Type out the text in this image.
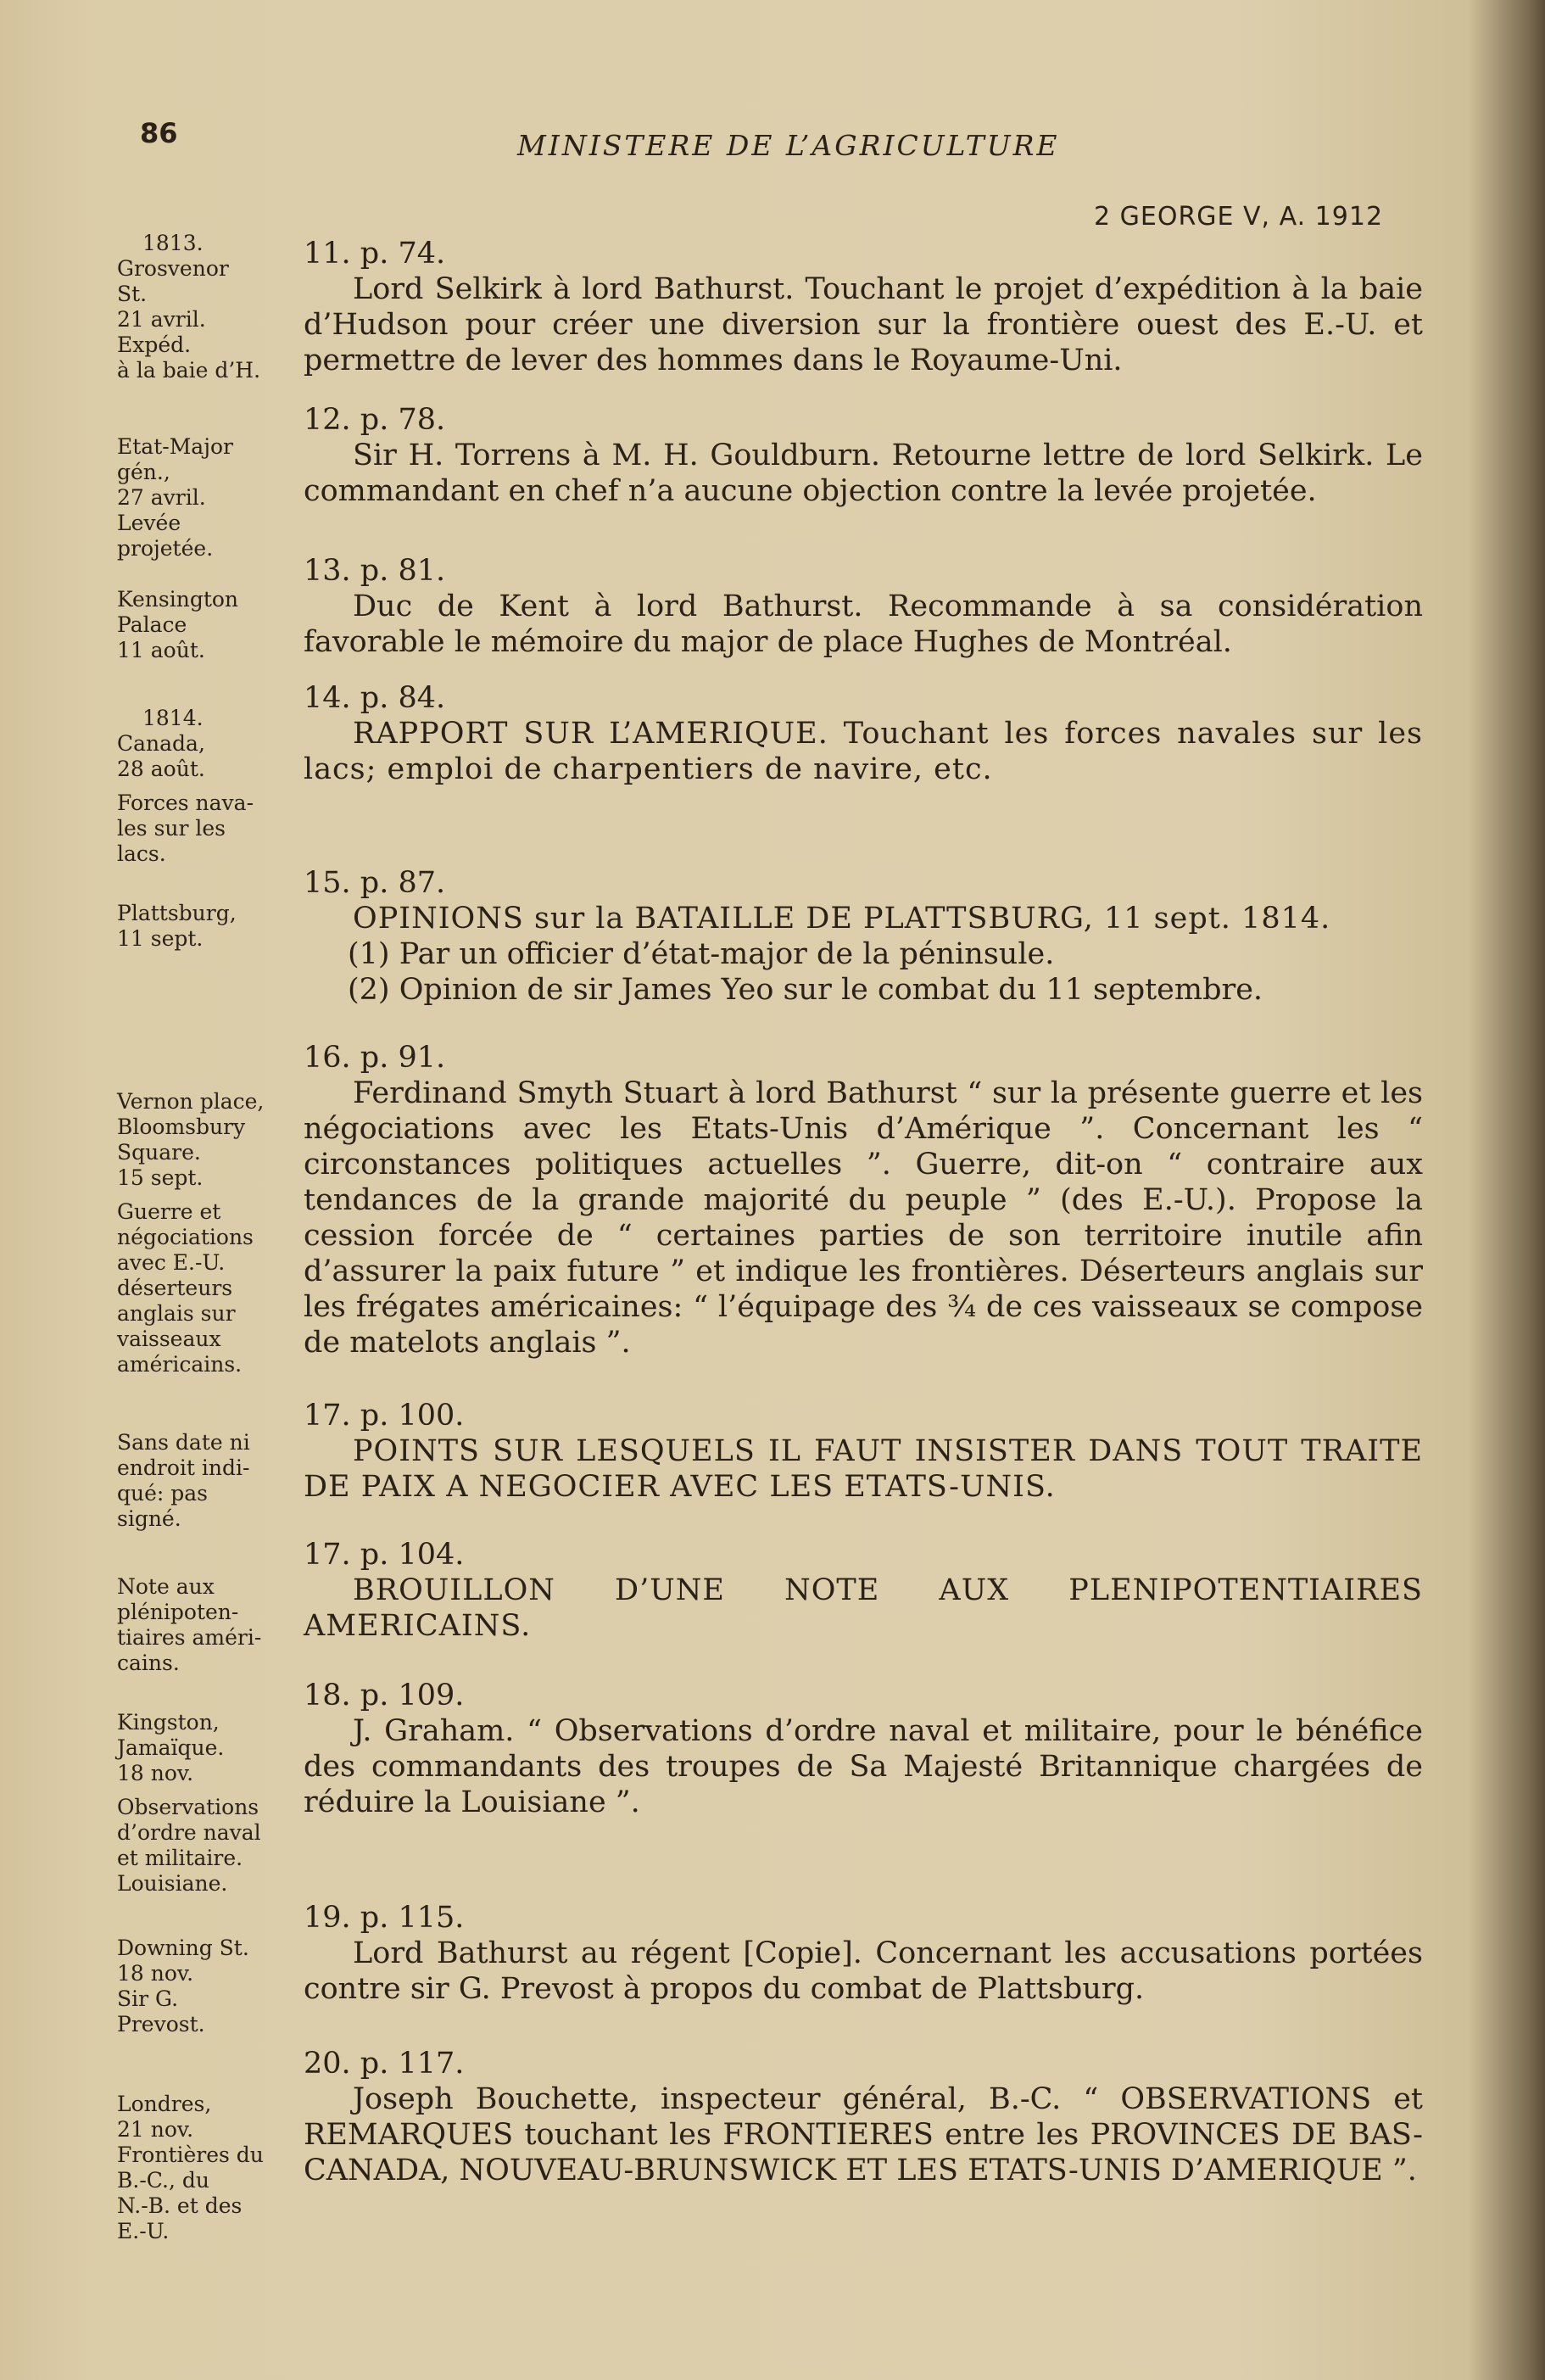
86	MINISTERE DE L’AGRICULTURE
2 GEORGE V, A. 1912
1813.
Grosvenor
St.
21 avril.
Expéd.
à la baie d’H.
11. p. 74.
Lord Selkirk à lord Bathurst. Touchant le projet d’expédition à la baie d’Hudson pour créer une diversion sur la frontière ouest des E.-U. et permettre de lever des hommes dans le Royaume-Uni.
Etat-Major
gén.,
27 avril.
Levée
projetée.
12. p. 78.
Sir H. Torrens à M. H. Gouldburn. Retourne lettre de lord Selkirk. Le commandant en chef n’a aucune objection contre la levée projetée.
Kensington
Palace
11 août.
13. p. 81.
Duc de Kent à lord Bathurst. Recommande à sa considération favorable le mémoire du major de place Hughes de Montréal.
1814.
Canada,
28 août.
Forces nava-
les sur les
lacs.
14. p. 84.
RAPPORT SUR L’AMERIQUE. Touchant les forces navales sur les lacs; emploi de charpentiers de navire, etc.
Plattsburg,
11 sept.
15. p. 87.
OPINIONS sur la BATAILLE DE PLATTSBURG, 11 sept. 1814.
(1) Par un officier d’état-major de la péninsule.
(2) Opinion de sir James Yeo sur le combat du 11 septembre.
Vernon place,
Bloomsbury
Square.
15 sept.
Guerre et
négociations
avec E.-U.
déserteurs
anglais sur
vaisseaux
américains.
16. p. 91.
Ferdinand Smyth Stuart à lord Bathurst “ sur la présente guerre et les négociations avec les Etats-Unis d’Amérique ”. Concernant les “ circonstances politiques actuelles ”. Guerre, dit-on “ contraire aux tendances de la grande majorité du peuple ” (des E.-U.). Propose la cession forcée de “ certaines parties de son territoire inutile afin d’assurer la paix future ” et indique les frontières. Déserteurs anglais sur les frégates américaines: “ l’équipage des ¾ de ces vaisseaux se compose de matelots anglais ”.
Sans date ni
endroit indi-
qué: pas
signé.
17. p. 100.
POINTS SUR LESQUELS IL FAUT INSISTER DANS TOUT TRAITE DE PAIX A NEGOCIER AVEC LES ETATS-UNIS.
Note aux
plénipoten-
tiaires améri-
cains.
17. p. 104.
BROUILLON D’UNE NOTE AUX PLENIPOTENTIAIRES AMERICAINS.
Kingston,
Jamaïque.
18 nov.
Observations
d’ordre naval
et militaire.
Louisiane.
18. p. 109.
J. Graham. “ Observations d’ordre naval et militaire, pour le bénéfice des commandants des troupes de Sa Majesté Britannique chargées de réduire la Louisiane ”.
Downing St.
18 nov.
Sir G.
Prevost.
19. p. 115.
Lord Bathurst au régent [Copie]. Concernant les accusations portées contre sir G. Prevost à propos du combat de Plattsburg.
Londres,
21 nov.
Frontières du
B.-C., du
N.-B. et des
E.-U.
20. p. 117.
Joseph Bouchette, inspecteur général, B.-C. “ OBSERVATIONS et REMARQUES touchant les FRONTIERES entre les PROVINCES DE BAS-CANADA, NOUVEAU-BRUNSWICK ET LES ETATS-UNIS D’AMERIQUE ”.
